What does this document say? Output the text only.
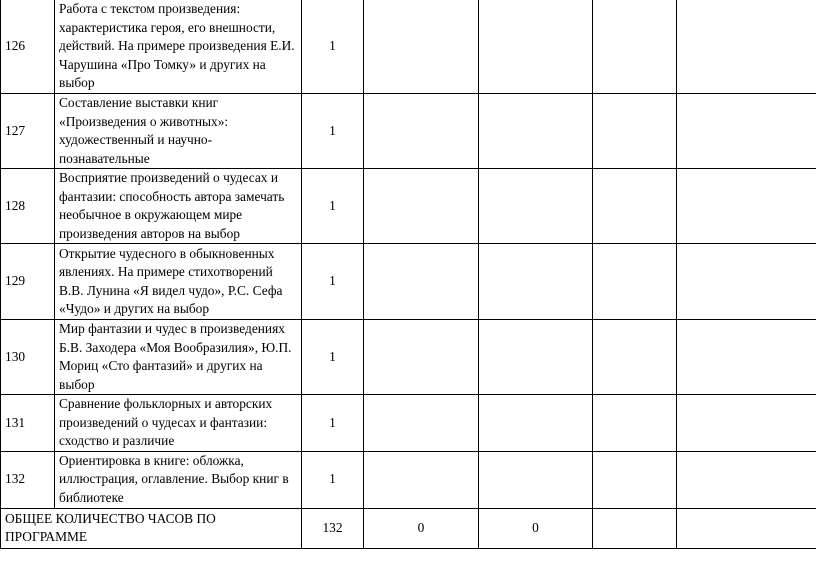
126	Работа с текстом произведения: характеристика героя, его внешности, действий. На примере произведения Е.И. Чарушина «Про Томку» и других на выбор	1				
127	Составление выставки книг «Произведения о животных»: художественный и научно-познавательные	1				
128	Восприятие произведений о чудесах и фантазии: способность автора замечать необычное в окружающем мире произведения авторов на выбор	1				
129	Открытие чудесного в обыкновенных явлениях. На примере стихотворений В.В. Лунина «Я видел чудо», Р.С. Сефа «Чудо» и других на выбор	1				
130	Мир фантазии и чудес в произведениях Б.В. Заходера «Моя Вообразилия», Ю.П. Мориц «Сто фантазий» и других на выбор	1				
131	Сравнение фольклорных и авторских произведений о чудесах и фантазии: сходство и различие	1				
132	Ориентировка в книге: обложка, иллюстрация, оглавление. Выбор книг в библиотеке	1				
ОБЩЕЕ КОЛИЧЕСТВО ЧАСОВ ПО ПРОГРАММЕ		132	0	0		
